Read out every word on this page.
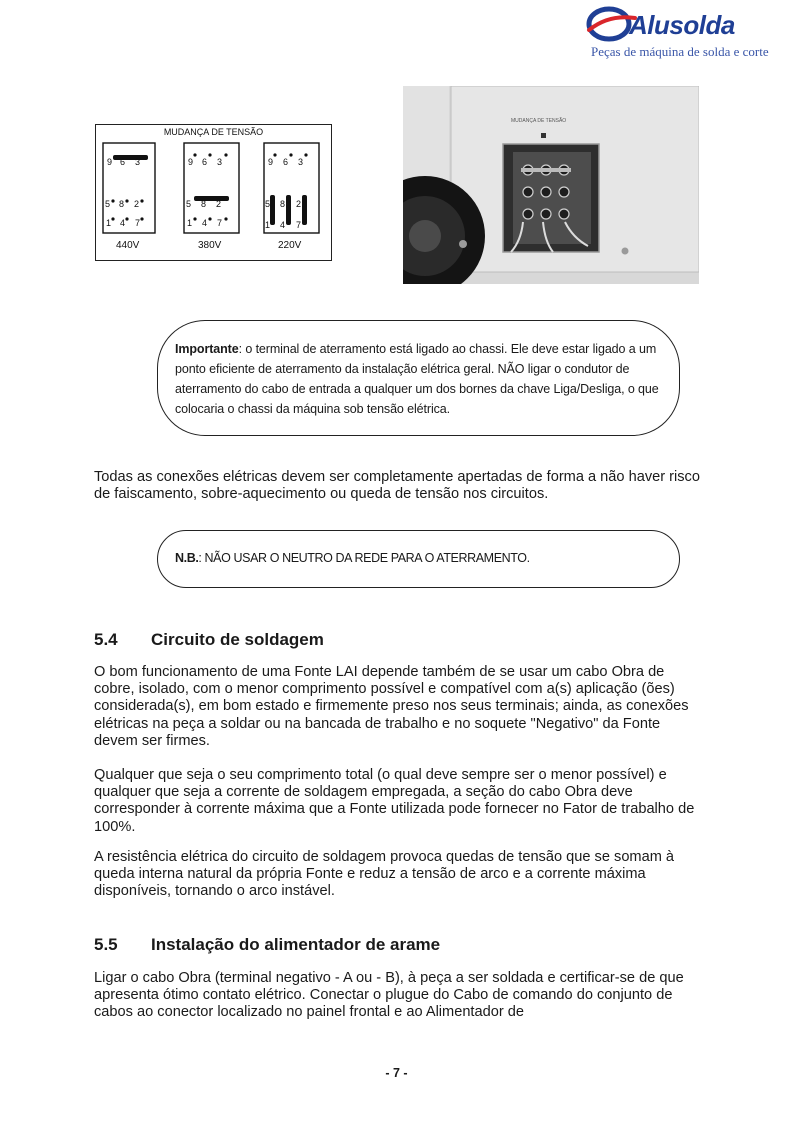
Alusolda
Peças de máquina de solda e corte
MUDANÇA DE TENSÃO
9 6 3
5 8 2
1 4 7
9 6 3
5 8 2
1 4 7
9 6 3
5 8 2
1 4 7
440V	380V	220V
MUDANÇA DE TENSÃO
Importante: o terminal de aterramento está ligado ao chassi. Ele deve estar ligado a um ponto eficiente de aterramento da instalação elétrica geral. NÃO ligar o condutor de aterramento do cabo de entrada a qualquer um dos bornes da chave Liga/Desliga, o que colocaria o chassi da máquina sob tensão elétrica.
Todas as conexões elétricas devem ser completamente apertadas de forma a não haver risco de faiscamento, sobre-aquecimento ou queda de tensão nos circuitos.
N.B.: NÃO USAR O NEUTRO DA REDE PARA O ATERRAMENTO.
5.4 Circuito de soldagem
O bom funcionamento de uma Fonte LAI depende também de se usar um cabo Obra de cobre, isolado, com o menor comprimento possível e compatível com a(s) aplicação (ões) considerada(s), em bom estado e firmemente preso nos seus terminais; ainda, as conexões elétricas na peça a soldar ou na bancada de trabalho e no soquete "Negativo" da Fonte devem ser firmes.
Qualquer que seja o seu comprimento total (o qual deve sempre ser o menor possível) e qualquer que seja a corrente de soldagem empregada, a seção do cabo Obra deve corresponder à corrente máxima que a Fonte utilizada pode fornecer no Fator de trabalho de 100%.
A resistência elétrica do circuito de soldagem provoca quedas de tensão que se somam à queda interna natural da própria Fonte e reduz a tensão de arco e a corrente máxima disponíveis, tornando o arco instável.
5.5 Instalação do alimentador de arame
Ligar o cabo Obra (terminal negativo - A ou - B), à peça a ser soldada e certificar-se de que apresenta ótimo contato elétrico. Conectar o plugue do Cabo de comando do conjunto de cabos ao conector localizado no painel frontal e ao Alimentador de
- 7 -
